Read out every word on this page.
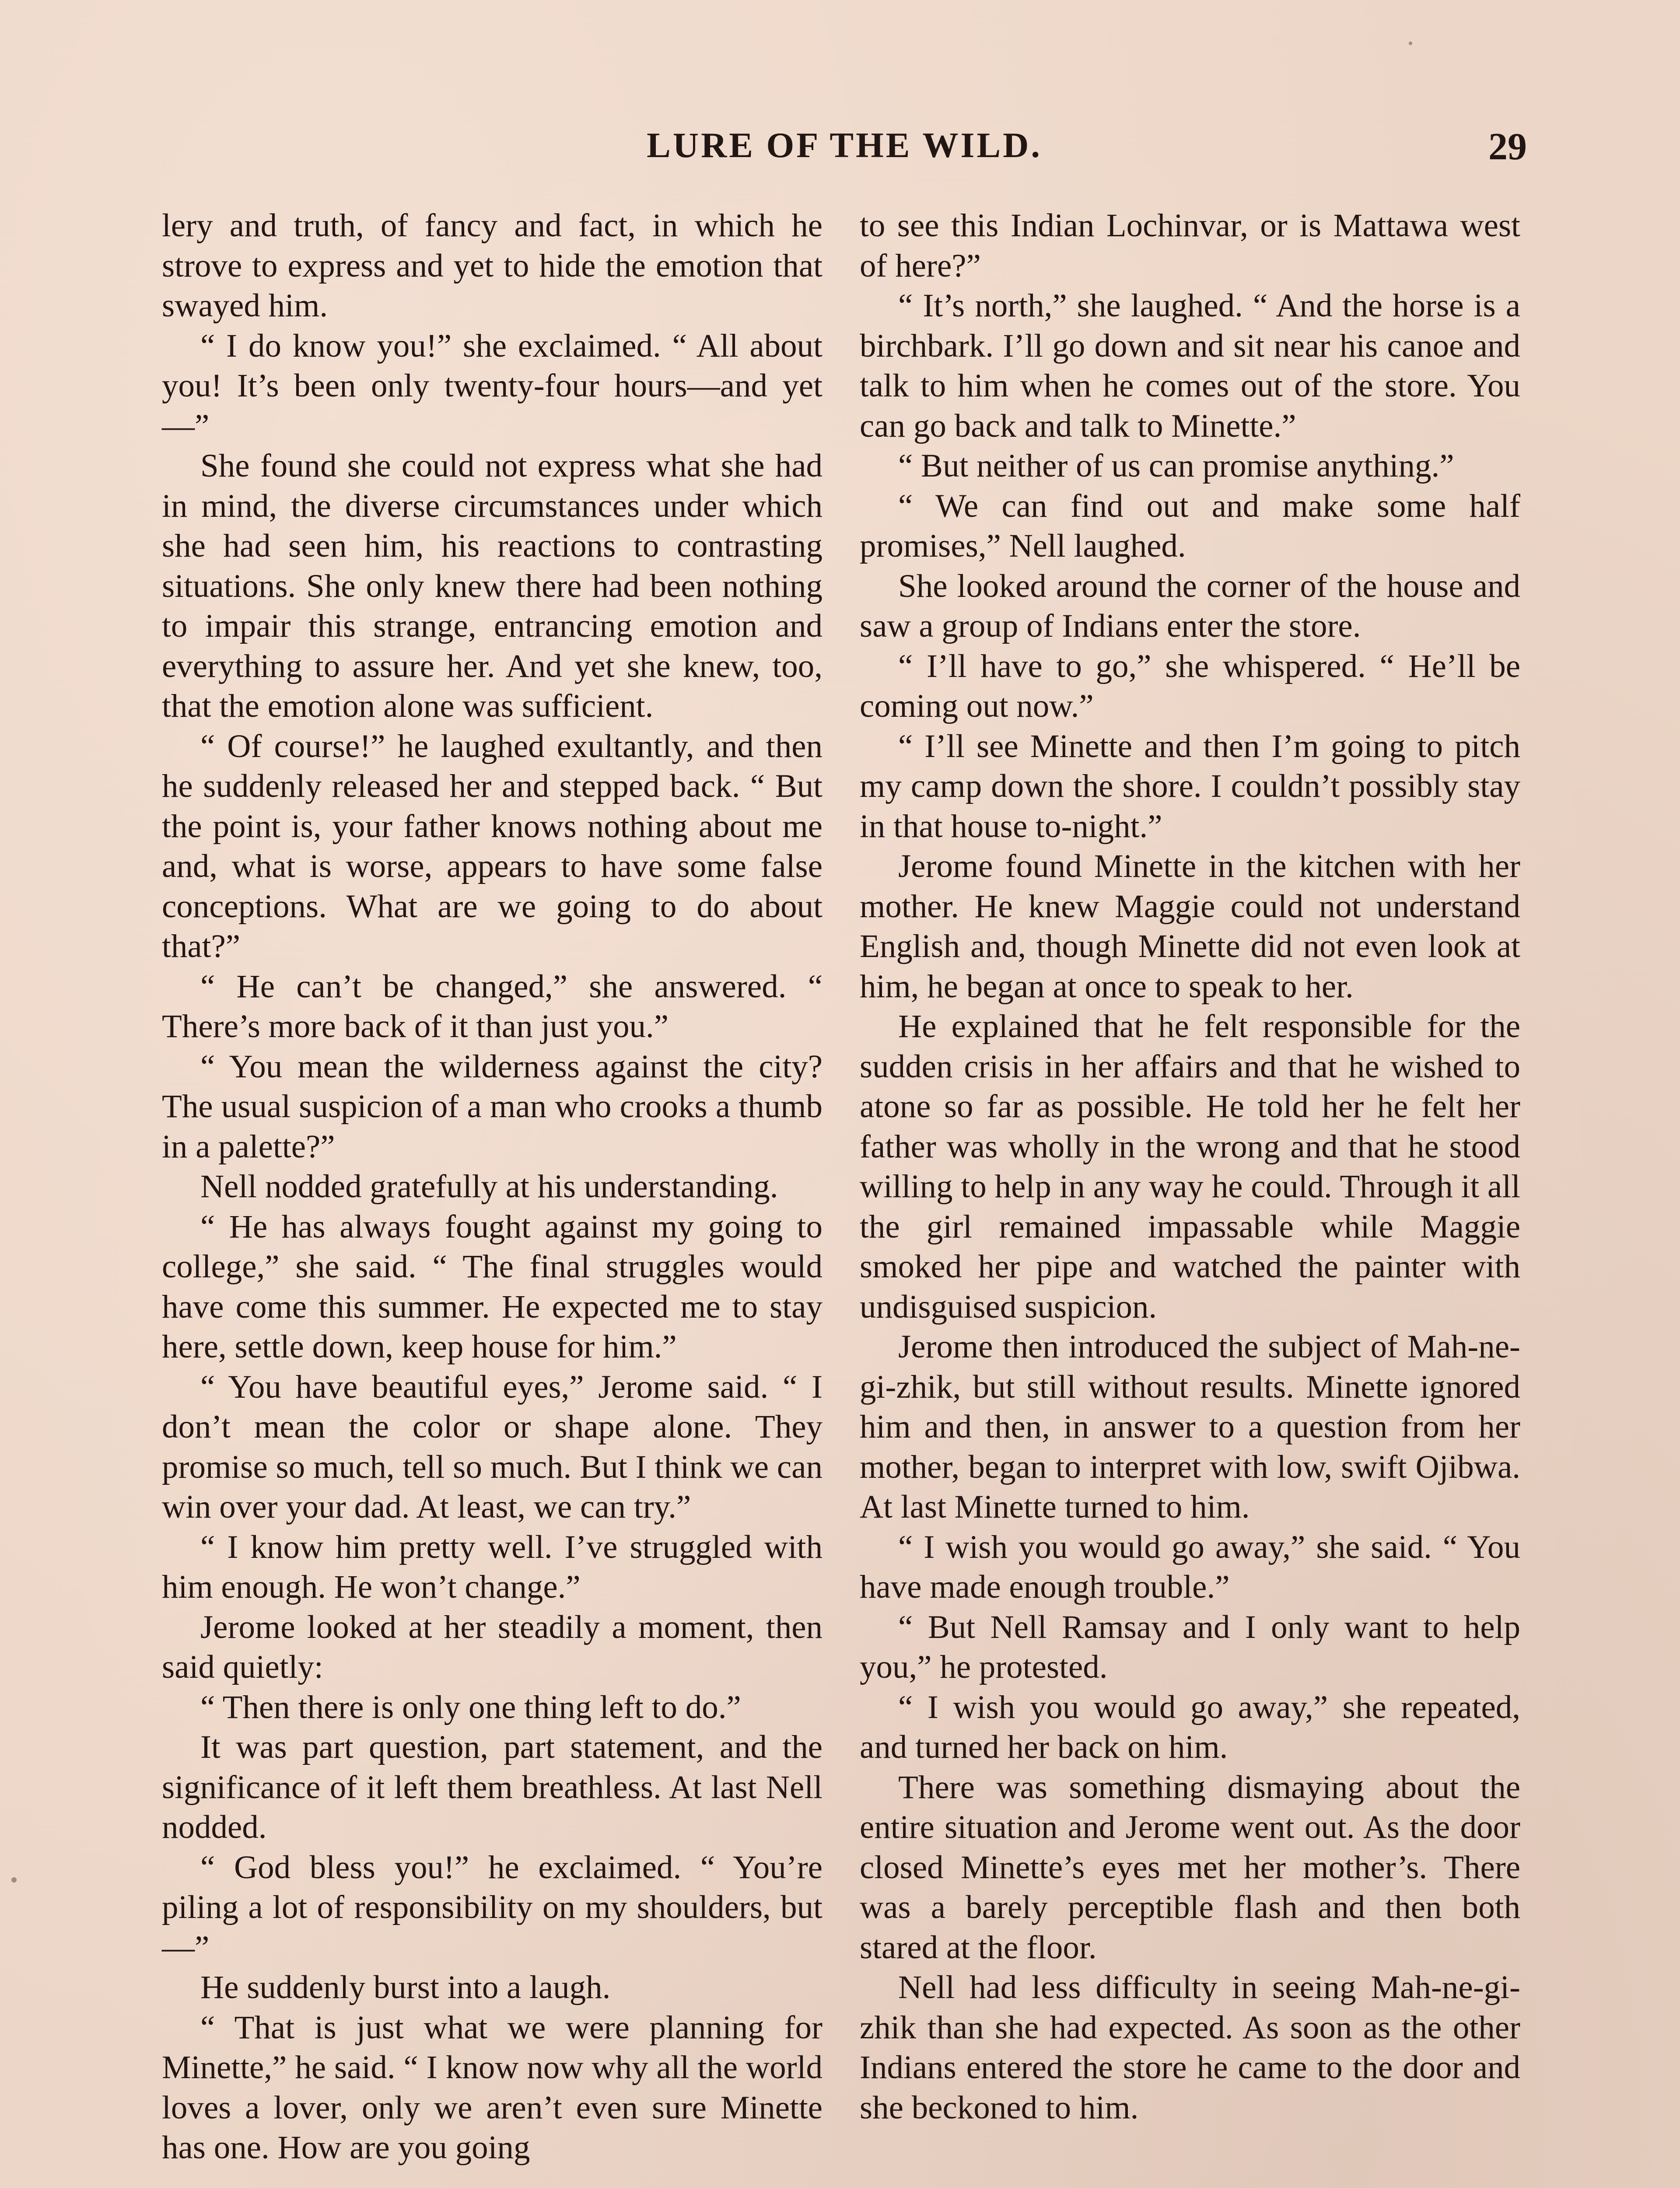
LURE OF THE WILD.	29

lery and truth, of fancy and fact, in which he strove to express and yet to hide the emotion that swayed him.

“ I do know you!” she exclaimed. “ All about you! It’s been only twenty-four hours—and yet—”

She found she could not express what she had in mind, the diverse circumstances under which she had seen him, his reactions to contrasting situations. She only knew there had been nothing to impair this strange, entrancing emotion and everything to assure her. And yet she knew, too, that the emotion alone was sufficient.

“ Of course!” he laughed exultantly, and then he suddenly released her and stepped back. “ But the point is, your father knows nothing about me and, what is worse, appears to have some false conceptions. What are we going to do about that?”

“ He can’t be changed,” she answered. “ There’s more back of it than just you.”

“ You mean the wilderness against the city? The usual suspicion of a man who crooks a thumb in a palette?”

Nell nodded gratefully at his understanding.

“ He has always fought against my going to college,” she said. “ The final struggles would have come this summer. He expected me to stay here, settle down, keep house for him.”

“ You have beautiful eyes,” Jerome said. “ I don’t mean the color or shape alone. They promise so much, tell so much. But I think we can win over your dad. At least, we can try.”

“ I know him pretty well. I’ve struggled with him enough. He won’t change.”

Jerome looked at her steadily a moment, then said quietly:

“ Then there is only one thing left to do.”

It was part question, part statement, and the significance of it left them breathless. At last Nell nodded.

“ God bless you!” he exclaimed. “ You’re piling a lot of responsibility on my shoulders, but—”

He suddenly burst into a laugh.

“ That is just what we were planning for Minette,” he said. “ I know now why all the world loves a lover, only we aren’t even sure Minette has one. How are you going

to see this Indian Lochinvar, or is Mattawa west of here?”

“ It’s north,” she laughed. “ And the horse is a birchbark. I’ll go down and sit near his canoe and talk to him when he comes out of the store. You can go back and talk to Minette.”

“ But neither of us can promise anything.”

“ We can find out and make some half promises,” Nell laughed.

She looked around the corner of the house and saw a group of Indians enter the store.

“ I’ll have to go,” she whispered. “ He’ll be coming out now.”

“ I’ll see Minette and then I’m going to pitch my camp down the shore. I couldn’t possibly stay in that house to-night.”

Jerome found Minette in the kitchen with her mother. He knew Maggie could not understand English and, though Minette did not even look at him, he began at once to speak to her.

He explained that he felt responsible for the sudden crisis in her affairs and that he wished to atone so far as possible. He told her he felt her father was wholly in the wrong and that he stood willing to help in any way he could. Through it all the girl remained impassable while Maggie smoked her pipe and watched the painter with undisguised suspicion.

Jerome then introduced the subject of Mah-ne-gi-zhik, but still without results. Minette ignored him and then, in answer to a question from her mother, began to interpret with low, swift Ojibwa. At last Minette turned to him.

“ I wish you would go away,” she said. “ You have made enough trouble.”

“ But Nell Ramsay and I only want to help you,” he protested.

“ I wish you would go away,” she repeated, and turned her back on him.

There was something dismaying about the entire situation and Jerome went out. As the door closed Minette’s eyes met her mother’s. There was a barely perceptible flash and then both stared at the floor.

Nell had less difficulty in seeing Mah-ne-gi-zhik than she had expected. As soon as the other Indians entered the store he came to the door and she beckoned to him.
